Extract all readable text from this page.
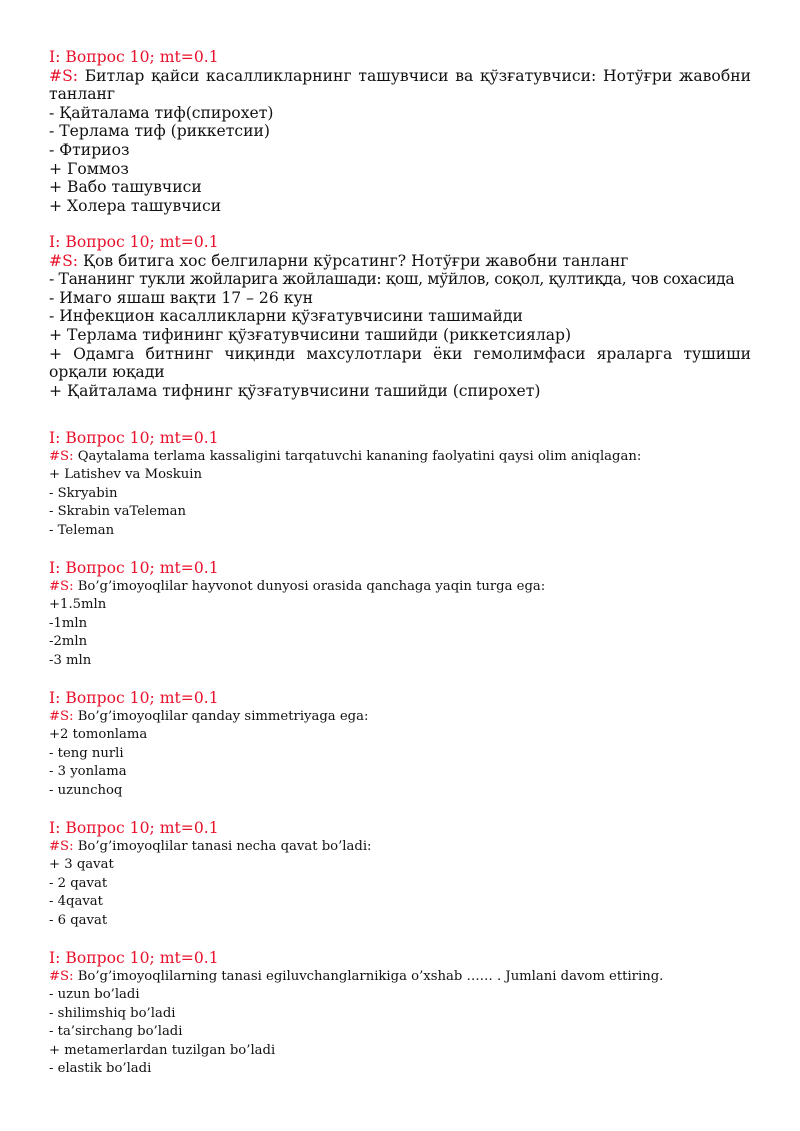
I: Вопрос 10; mt=0.1
#S: Битлар қайси касалликларнинг ташувчиси ва қўзғатувчиси: Нотўғри жавобни танланг
- Қайталама тиф(спирохет)
- Терлама тиф (риккетсии)
- Фтириоз
+ Гоммоз
+ Вабо ташувчиси
+ Холера ташувчиси
I: Вопрос 10; mt=0.1
#S: Қов битига хос белгиларни кўрсатинг? Нотўғри жавобни танланг
- Тананинг тукли жойларига жойлашади: қош, мўйлов, соқол, қултиқда, чов сохасида
- Имаго яшаш вақти 17 – 26 кун
- Инфекцион касалликларни қўзғатувчисини ташимайди
+ Терлама тифининг қўзғатувчисини ташийди (риккетсиялар)
+ Одамга битнинг чиқинди махсулотлари ёки гемолимфаси яраларга тушиши орқали юқади
+ Қайталама тифнинг қўзғатувчисини ташийди (спирохет)
I: Вопрос 10; mt=0.1
#S: Qaytalama terlama kassaligini tarqatuvchi kananing faolyatini qaysi olim aniqlagan:
+ Latishev va Moskuin
- Skryabin
- Skrabin vaTeleman
- Teleman
I: Вопрос 10; mt=0.1
#S: Bo’g’imoyoqlilar hayvonot dunyosi orasida qanchaga yaqin turga ega:
+1.5mln
-1mln
-2mln
-3 mln
I: Вопрос 10; mt=0.1
#S: Bo’g’imoyoqlilar qanday simmetriyaga ega:
+2 tomonlama
- teng nurli
- 3 yonlama
- uzunchoq
I: Вопрос 10; mt=0.1
#S: Bo’g’imoyoqlilar tanasi necha qavat bo’ladi:
+ 3 qavat
- 2 qavat
- 4qavat
- 6 qavat
I: Вопрос 10; mt=0.1
#S: Bo’g’imoyoqlilarning tanasi egiluvchanglarnikiga o’xshab …… . Jumlani davom ettiring.
- uzun bo’ladi
- shilimshiq bo’ladi
- ta’sirchang bo’ladi
+ metamerlardan tuzilgan bo’ladi
- elastik bo’ladi
